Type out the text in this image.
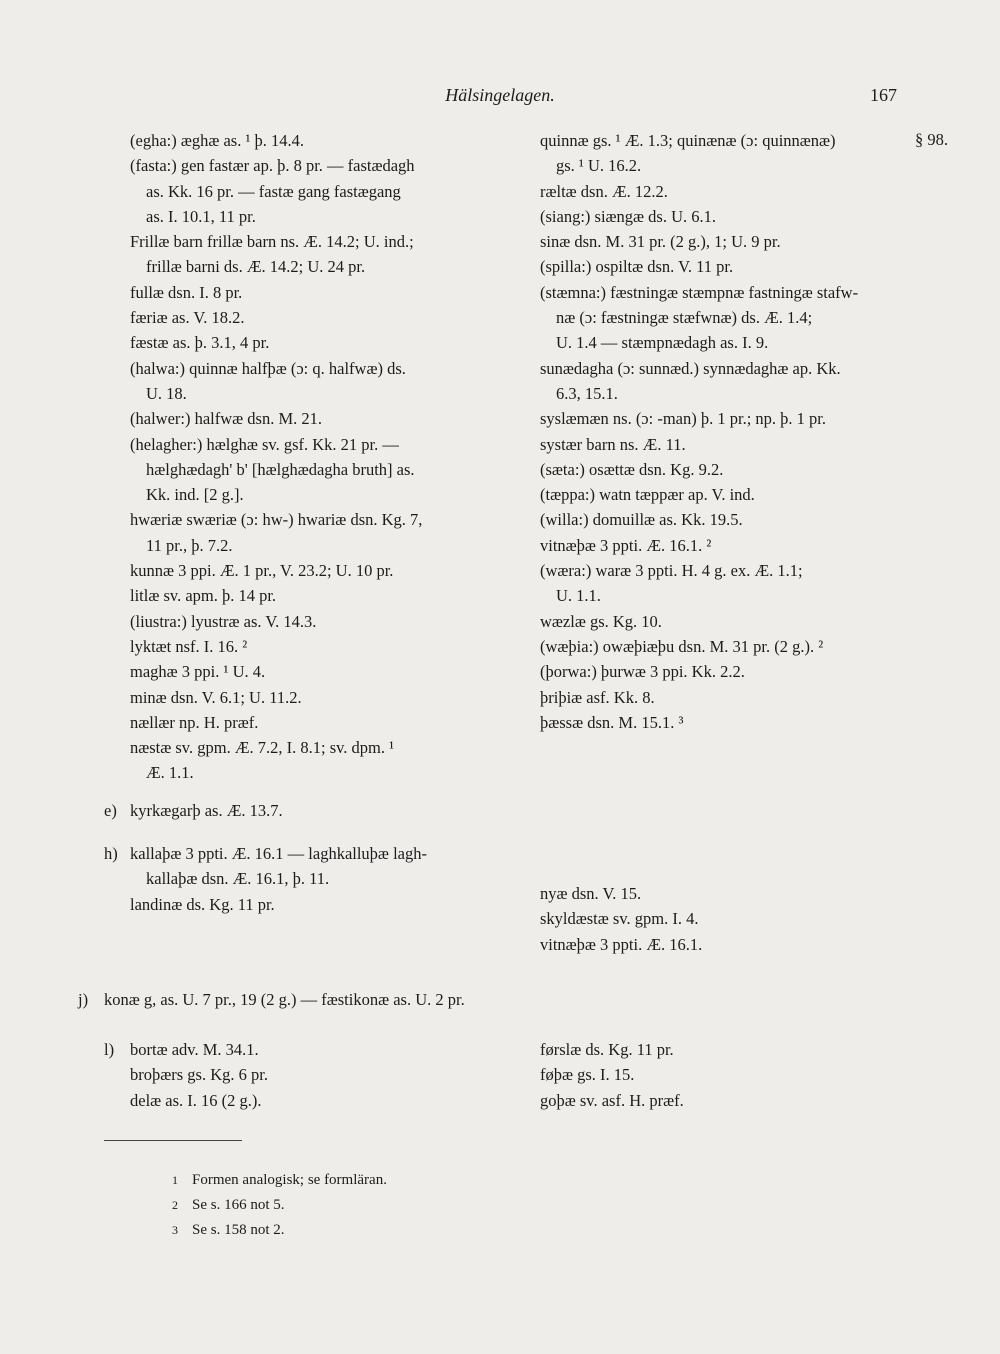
Hälsingelagen.	167
§ 98.
(egha:) æghæ as. ¹ þ. 14.4.
(fasta:) gen fastær ap. þ. 8 pr. — fastædagh
as. Kk. 16 pr. — fastæ gang fastægang
as. I. 10.1, 11 pr.
Frillæ barn frillæ barn ns. Æ. 14.2; U. ind.;
frillæ barni ds. Æ. 14.2; U. 24 pr.
fullæ dsn. I. 8 pr.
færiæ as. V. 18.2.
fæstæ as. þ. 3.1, 4 pr.
(halwa:) quinnæ halfþæ (ɔ: q. halfwæ) ds.
U. 18.
(halwer:) halfwæ dsn. M. 21.
(helagher:) hælghæ sv. gsf. Kk. 21 pr. —
hælghædagh' b' [hælghædagha bruth] as.
Kk. ind. [2 g.].
hwæriæ swæriæ (ɔ: hw-) hwariæ dsn. Kg. 7,
11 pr., þ. 7.2.
kunnæ 3 ppi. Æ. 1 pr., V. 23.2; U. 10 pr.
litlæ sv. apm. þ. 14 pr.
(liustra:) lyustræ as. V. 14.3.
lyktæt nsf. I. 16. ²
maghæ 3 ppi. ¹ U. 4.
minæ dsn. V. 6.1; U. 11.2.
nællær np. H. præf.
næstæ sv. gpm. Æ. 7.2, I. 8.1; sv. dpm. ¹
Æ. 1.1.
e) kyrkægarþ as. Æ. 13.7.
h) kallaþæ 3 ppti. Æ. 16.1 — laghkalluþæ lagh-
kallaþæ dsn. Æ. 16.1, þ. 11.
landinæ ds. Kg. 11 pr.
quinnæ gs. ¹ Æ. 1.3; quinænæ (ɔ: quinnænæ)
gs. ¹ U. 16.2.
ræltæ dsn. Æ. 12.2.
(siang:) siængæ ds. U. 6.1.
sinæ dsn. M. 31 pr. (2 g.), 1; U. 9 pr.
(spilla:) ospiltæ dsn. V. 11 pr.
(stæmna:) fæstningæ stæmpnæ fastningæ stafw-
næ (ɔ: fæstningæ stæfwnæ) ds. Æ. 1.4;
U. 1.4 — stæmpnædagh as. I. 9.
sunædagha (ɔ: sunnæd.) synnædaghæ ap. Kk.
6.3, 15.1.
syslæmæn ns. (ɔ: -man) þ. 1 pr.; np. þ. 1 pr.
systær barn ns. Æ. 11.
(sæta:) osættæ dsn. Kg. 9.2.
(tæppa:) watn tæppær ap. V. ind.
(willa:) domuillæ as. Kk. 19.5.
vitnæþæ 3 ppti. Æ. 16.1. ²
(wæra:) waræ 3 ppti. H. 4 g. ex. Æ. 1.1;
U. 1.1.
wæzlæ gs. Kg. 10.
(wæþia:) owæþiæþu dsn. M. 31 pr. (2 g.). ²
(þorwa:) þurwæ 3 ppi. Kk. 2.2.
þriþiæ asf. Kk. 8.
þæssæ dsn. M. 15.1. ³
nyæ dsn. V. 15.
skyldæstæ sv. gpm. I. 4.
vitnæþæ 3 ppti. Æ. 16.1.
j) konæ g, as. U. 7 pr., 19 (2 g.) — fæstikonæ as. U. 2 pr.
l) bortæ adv. M. 34.1.
broþærs gs. Kg. 6 pr.
delæ as. I. 16 (2 g.).
førslæ ds. Kg. 11 pr.
føþæ gs. I. 15.
goþæ sv. asf. H. præf.
1 Formen analogisk; se formläran.
2 Se s. 166 not 5.
3 Se s. 158 not 2.
